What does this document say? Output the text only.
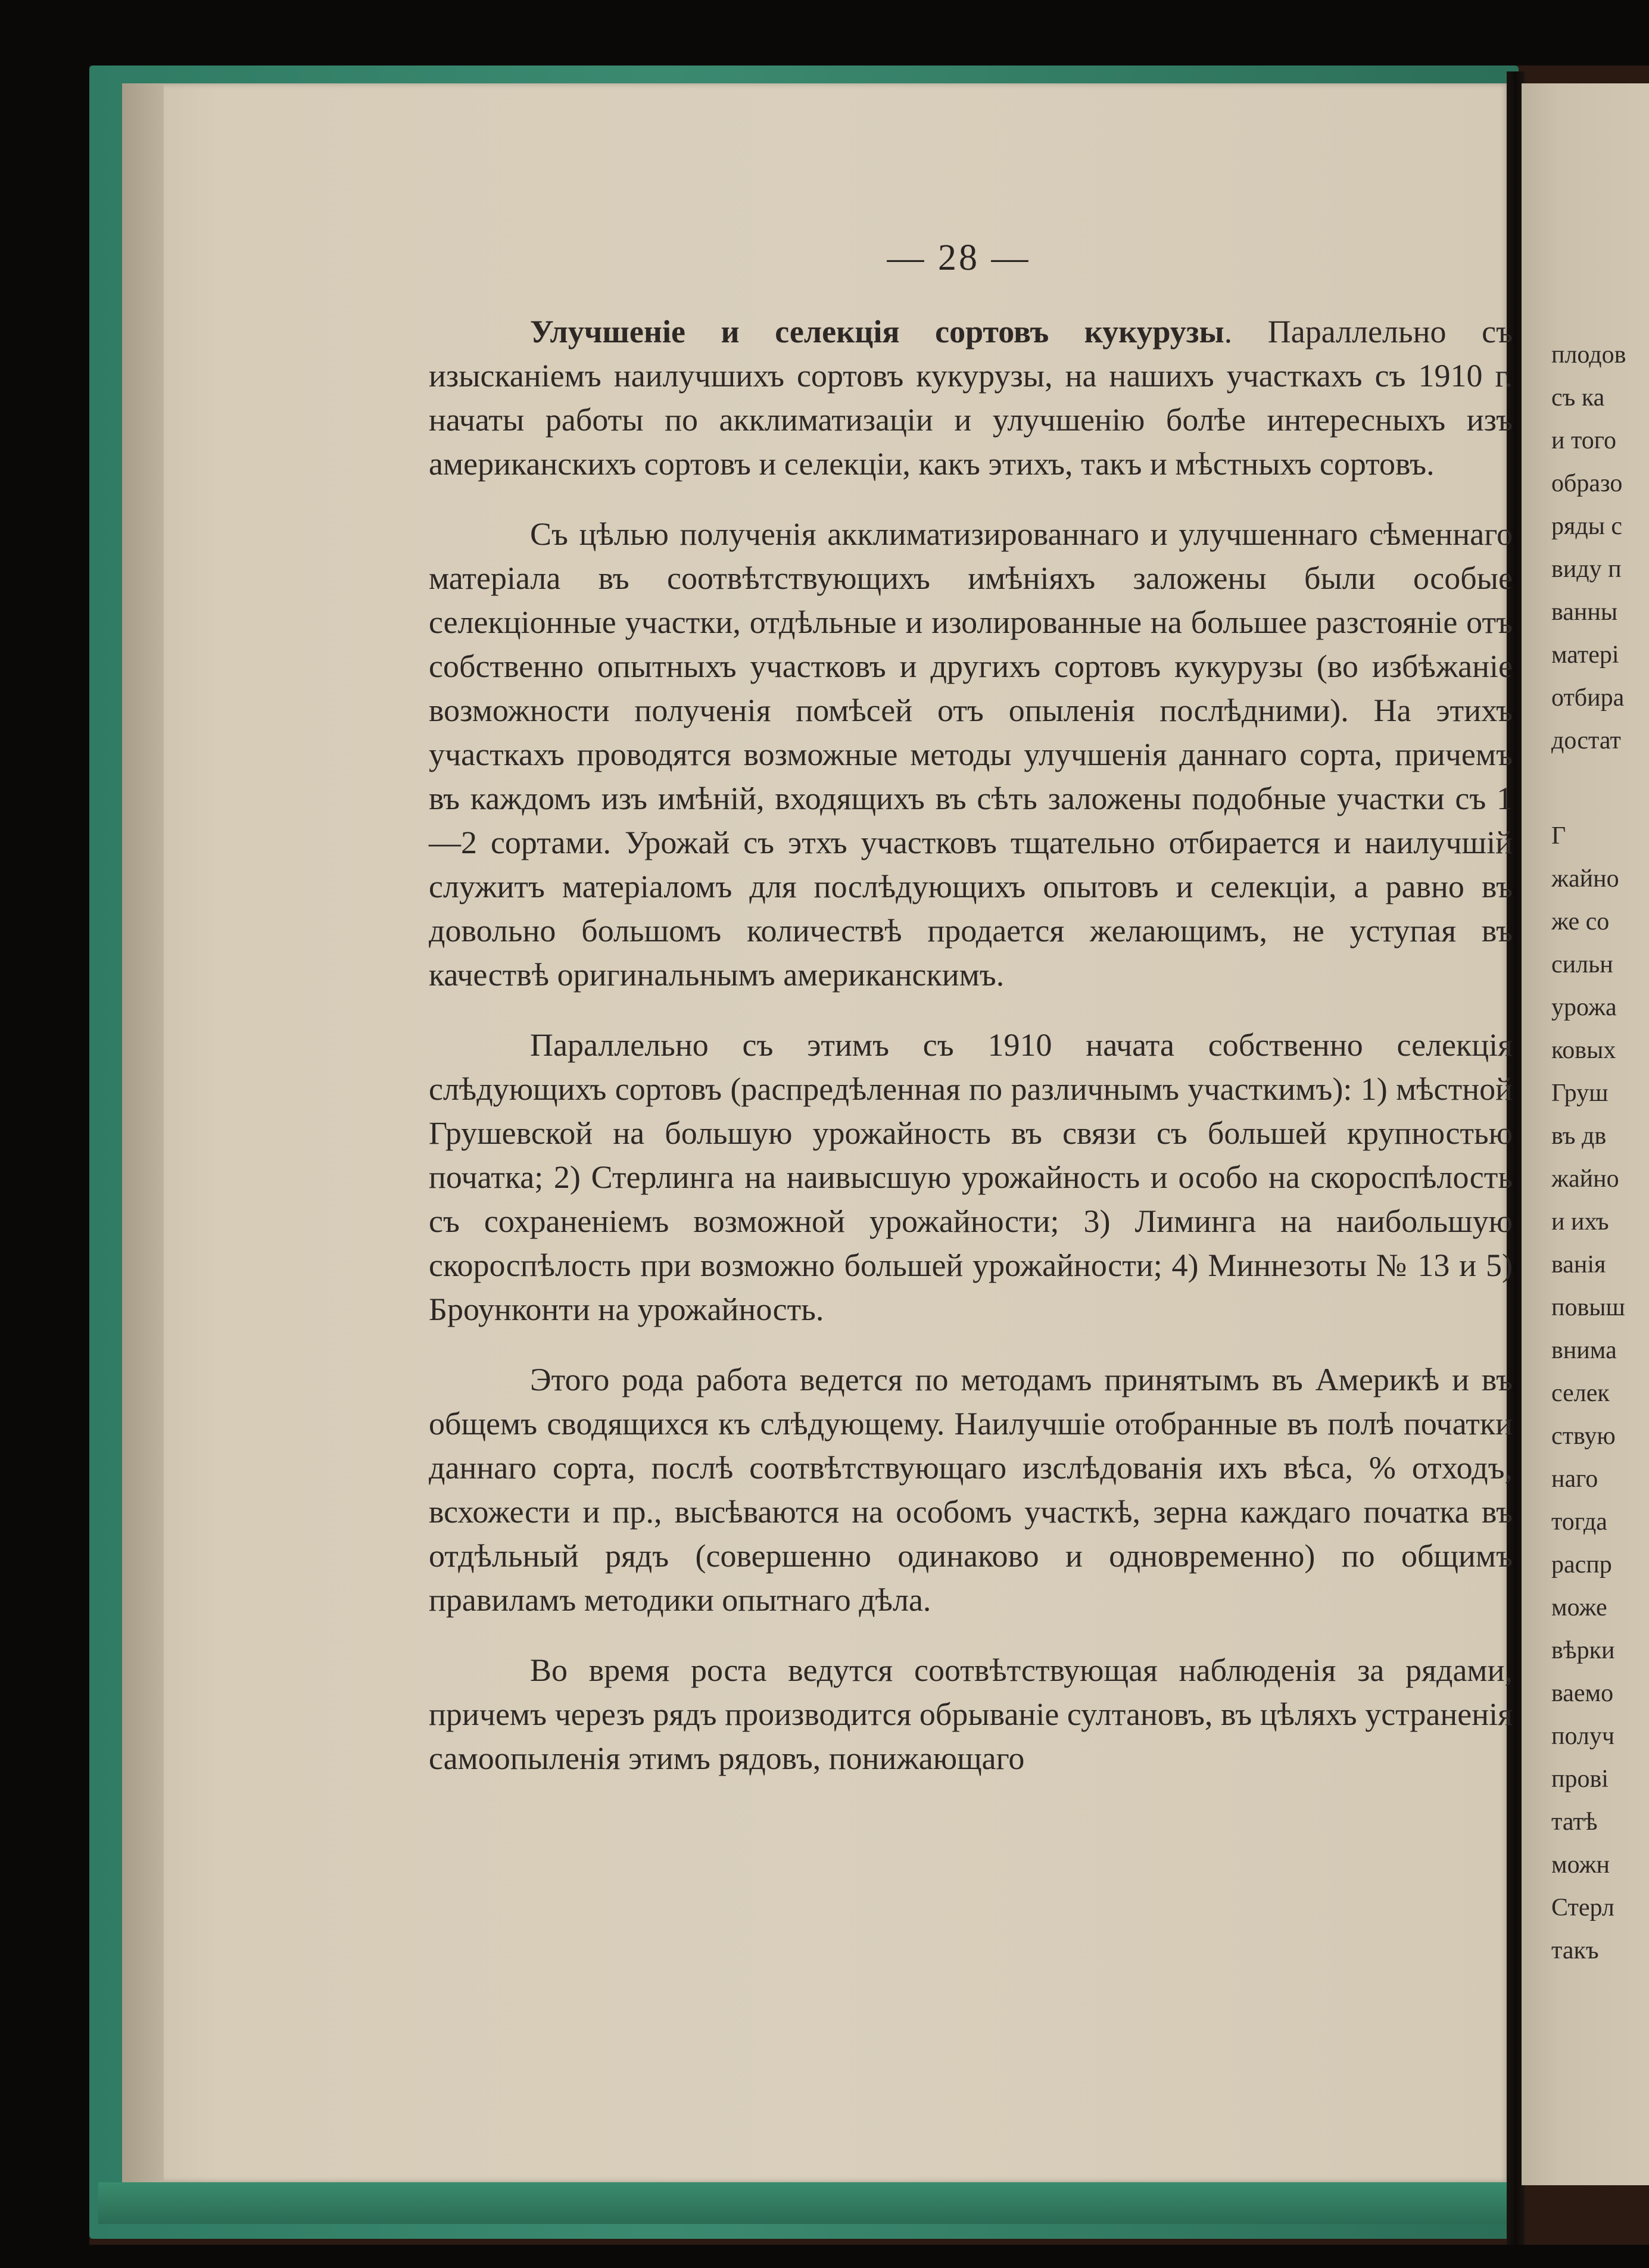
— 28 —

Улучшеніе и селекція сортовъ кукурузы. Параллельно съ изысканіемъ наилучшихъ сортовъ кукурузы, на нашихъ участкахъ съ 1910 г. начаты работы по акклиматизаціи и улучшенію болѣе интересныхъ изъ американскихъ сортовъ и селекціи, какъ этихъ, такъ и мѣстныхъ сортовъ.

Съ цѣлью полученія акклиматизированнаго и улучшеннаго сѣменнаго матеріала въ соотвѣтствующихъ имѣніяхъ заложены были особые селекціонные участки, отдѣльные и изолированные на большее разстояніе отъ собственно опытныхъ участковъ и другихъ сортовъ кукурузы (во избѣжаніе возможности полученія помѣсей отъ опыленія послѣдними). На этихъ участкахъ проводятся возможные методы улучшенія даннаго сорта, причемъ въ каждомъ изъ имѣній, входящихъ въ сѣть заложены подобные участки съ 1—2 сортами. Урожай съ этхъ участковъ тщательно отбирается и наилучшій служитъ матеріаломъ для послѣдующихъ опытовъ и селекціи, а равно въ довольно большомъ количествѣ продается желающимъ, не уступая въ качествѣ оригинальнымъ американскимъ.

Параллельно съ этимъ съ 1910 начата собственно селекція слѣдующихъ сортовъ (распредѣленная по различнымъ участкимъ): 1) мѣстной Грушевской на большую урожайность въ связи съ большей крупностью початка; 2) Стерлинга на наивысшую урожайность и особо на скороспѣлость съ сохраненіемъ возможной урожайности; 3) Лиминга на наибольшую скороспѣлость при возможно большей урожайности; 4) Миннезоты № 13 и 5) Броунконти на урожайность.

Этого рода работа ведется по методамъ принятымъ въ Америкѣ и въ общемъ сводящихся къ слѣдующему. Наилучшіе отобранные въ полѣ початки даннаго сорта, послѣ соотвѣтствующаго изслѣдованія ихъ вѣса, % отходъ, всхожести и пр., высѣваются на особомъ участкѣ, зерна каждаго початка въ отдѣльный рядъ (совершенно одинаково и одновременно) по общимъ правиламъ методики опытнаго дѣла.

Во время роста ведутся соотвѣтствующая наблюденія за рядами, причемъ черезъ рядъ производится обрываніе султановъ, въ цѣляхъ устраненія самоопыленія этимъ рядовъ, понижающаго

плодов
съ ка
и того
образо
ряды с
виду п
ванны
матері
отбира
достат
Г
жайно
же со
сильн
урожа
ковых
Груш
въ дв
жайно
и ихъ
ванія
повыш
внима
селек
ствую
наго
тогда
распр
може
вѣрки
ваемо
получ
прові
татѣ
можн
Стерл
такъ
